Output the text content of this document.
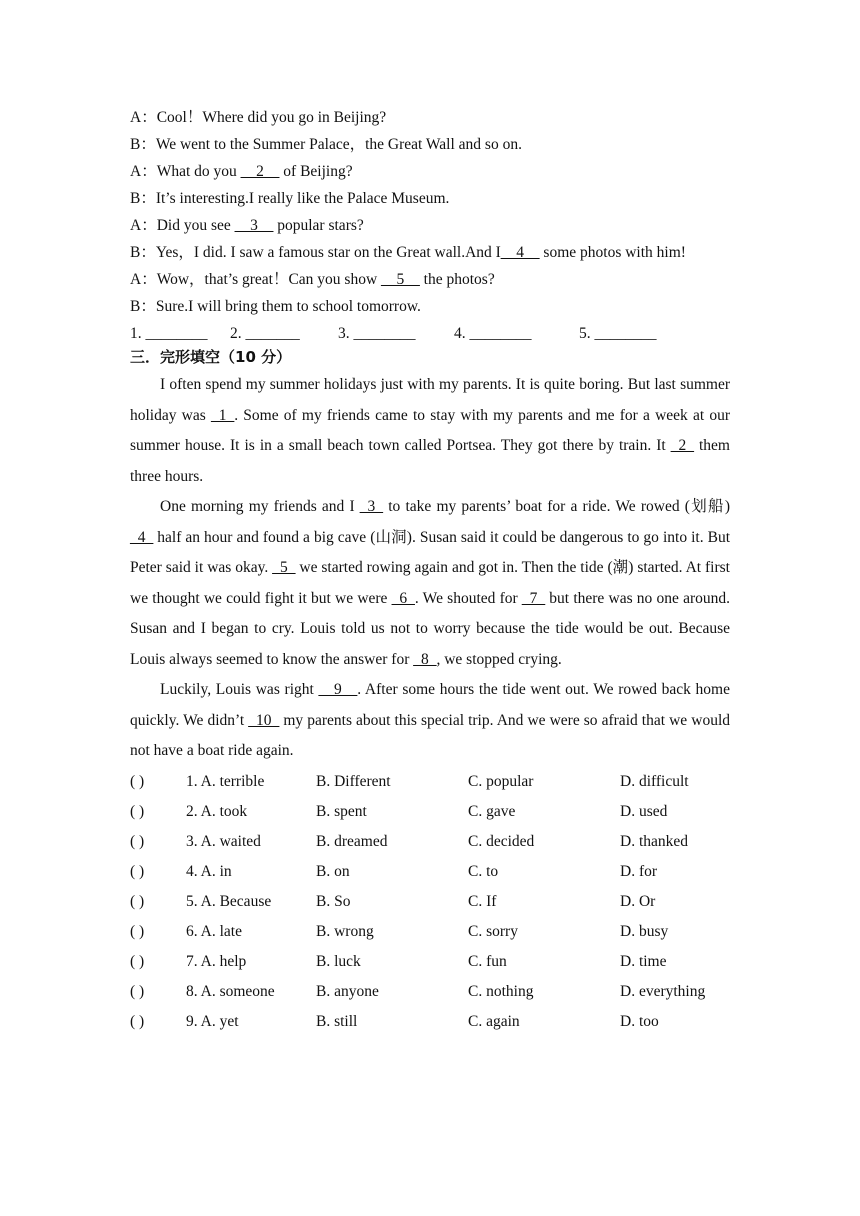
A：Cool！Where did you go in Beijing?
B：We went to the Summer Palace，the Great Wall and so on.
A：What do you __2__ of Beijing?
B：It’s interesting.I really like the Palace Museum.
A：Did you see __3__ popular stars?
B：Yes，I did. I saw a famous star on the Great wall.And I__4__ some photos with him!
A：Wow，that’s great！Can you show __5__ the photos?
B：Sure.I will bring them to school tomorrow.
1. ________ 2. _______ 3. ________ 4. ________	5. ________
三．完形填空（10 分）

I often spend my summer holidays just with my parents. It is quite boring. But last summer holiday was _1_. Some of my friends came to stay with my parents and me for a week at our summer house. It is in a small beach town called Portsea. They got there by train. It _2_ them three hours.

One morning my friends and I _3_ to take my parents’ boat for a ride. We rowed (划船) _4_ half an hour and found a big cave (山洞). Susan said it could be dangerous to go into it. But Peter said it was okay. _5_ we started rowing again and got in. Then the tide (潮) started. At first we thought we could fight it but we were _6_. We shouted for _7_ but there was no one around. Susan and I began to cry. Louis told us not to worry because the tide would be out. Because Louis always seemed to know the answer for _8_, we stopped crying.

Luckily, Louis was right __9__. After some hours the tide went out. We rowed back home quickly. We didn’t _10_ my parents about this special trip. And we were so afraid that we would not have a boat ride again.

( )	1. A. terrible	B. Different	C. popular	D. difficult
( )	2. A. took	B. spent	C. gave	D. used
( )	3. A. waited	B. dreamed	C. decided	D. thanked
( )	4. A. in	B. on	C. to	D. for
( )	5. A. Because	B. So	C. If	D. Or
( )	6. A. late	B. wrong	C. sorry	D. busy
( )	7. A. help	B. luck	C. fun	D. time
( )	8. A. someone	B. anyone	C. nothing	D. everything
( )	9. A. yet	B. still	C. again	D. too
